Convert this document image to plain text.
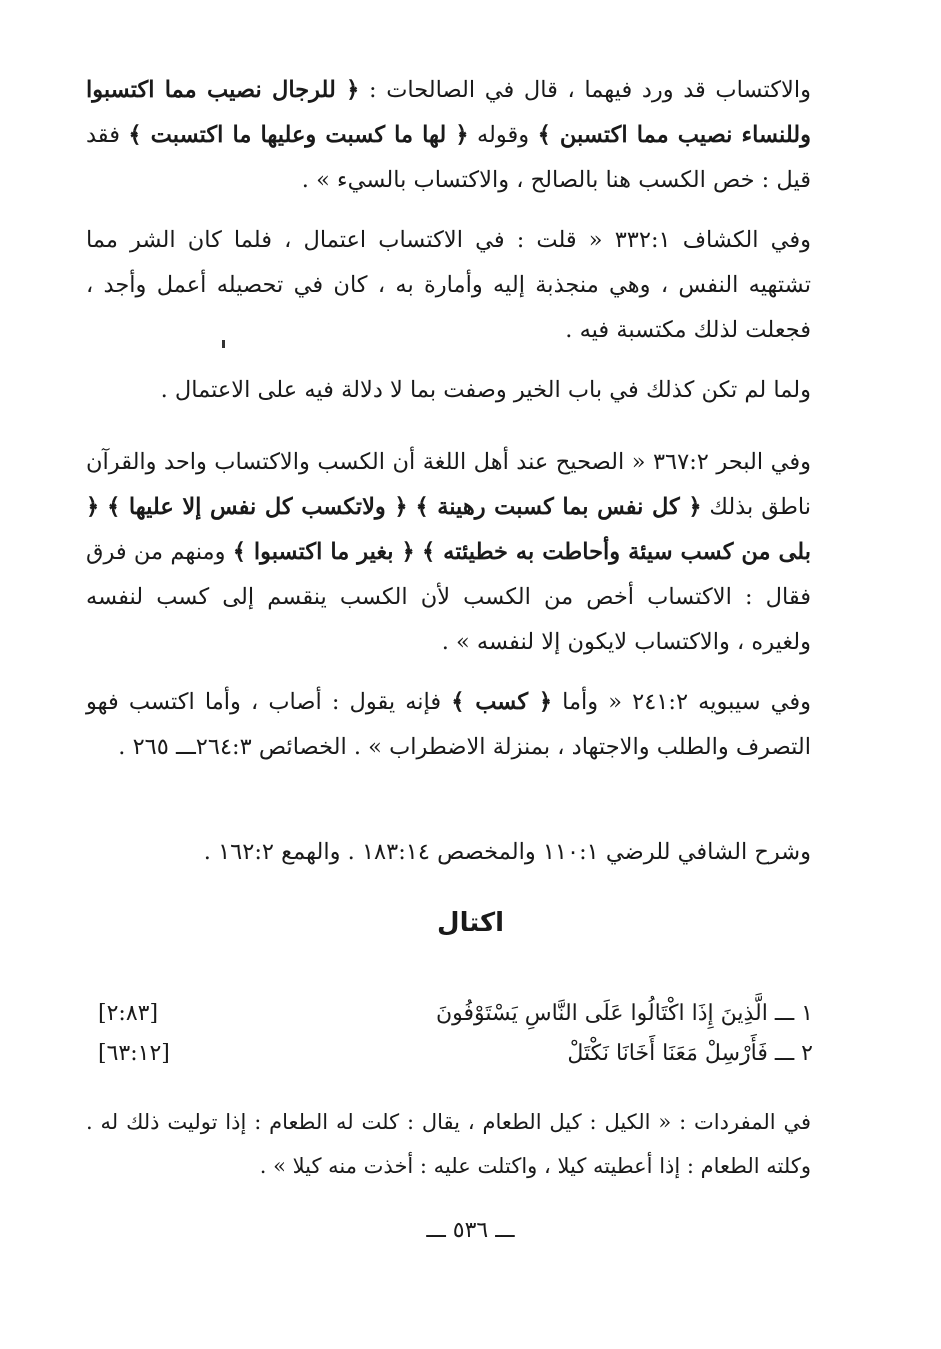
والاكتساب قد ورد فيهما ، قال في الصالحات : ﴿ للرجال نصيب مما اكتسبوا وللنساء نصيب مما اكتسبن ﴾ وقوله ﴿ لها ما كسبت وعليها ما اكتسبت ﴾ فقد قيل : خص الكسب هنا بالصالح ، والاكتساب بالسيء » .

وفي الكشاف ٣٣٢:١ « قلت : في الاكتساب اعتمال ، فلما كان الشر مما تشتهيه النفس ، وهي منجذبة إليه وأمارة به ، كان في تحصيله أعمل وأجد ، فجعلت لذلك مكتسبة فيه .

ولما لم تكن كذلك في باب الخير وصفت بما لا دلالة فيه على الاعتمال .

وفي البحر ٣٦٧:٢ « الصحيح عند أهل اللغة أن الكسب والاكتساب واحد والقرآن ناطق بذلك ﴿ كل نفس بما كسبت رهينة ﴾ ﴿ ولاتكسب كل نفس إلا عليها ﴾ ﴿ بلى من كسب سيئة وأحاطت به خطيئته ﴾ ﴿ بغير ما اكتسبوا ﴾ ومنهم من فرق فقال : الاكتساب أخص من الكسب لأن الكسب ينقسم إلى كسب لنفسه ولغيره ، والاكتساب لايكون إلا لنفسه » .

وفي سيبويه ٢٤١:٢ « وأما ﴿ كسب ﴾ فإنه يقول : أصاب ، وأما اكتسب فهو التصرف والطلب والاجتهاد ، بمنزلة الاضطراب » . الخصائص ٢٦٤:٣ـــ ٢٦٥ .

وشرح الشافي للرضي ١١٠:١ والمخصص ١٨٣:١٤ . والهمع ١٦٢:٢ .

اكتال
١ ـــ الَّذِينَ إِذَا اكْتَالُوا عَلَى النَّاسِ يَسْتَوْفُونَ
[٢:٨٣]
٢ ـــ فَأَرْسِلْ مَعَنَا أَخَانَا نَكْتَلْ
[٦٣:١٢]

في المفردات : « الكيل : كيل الطعام ، يقال : كلت له الطعام : إذا توليت ذلك له . وكلته الطعام : إذا أعطيته كيلا ، واكتلت عليه : أخذت منه كيلا » .

ـــ ٥٣٦ ـــ
